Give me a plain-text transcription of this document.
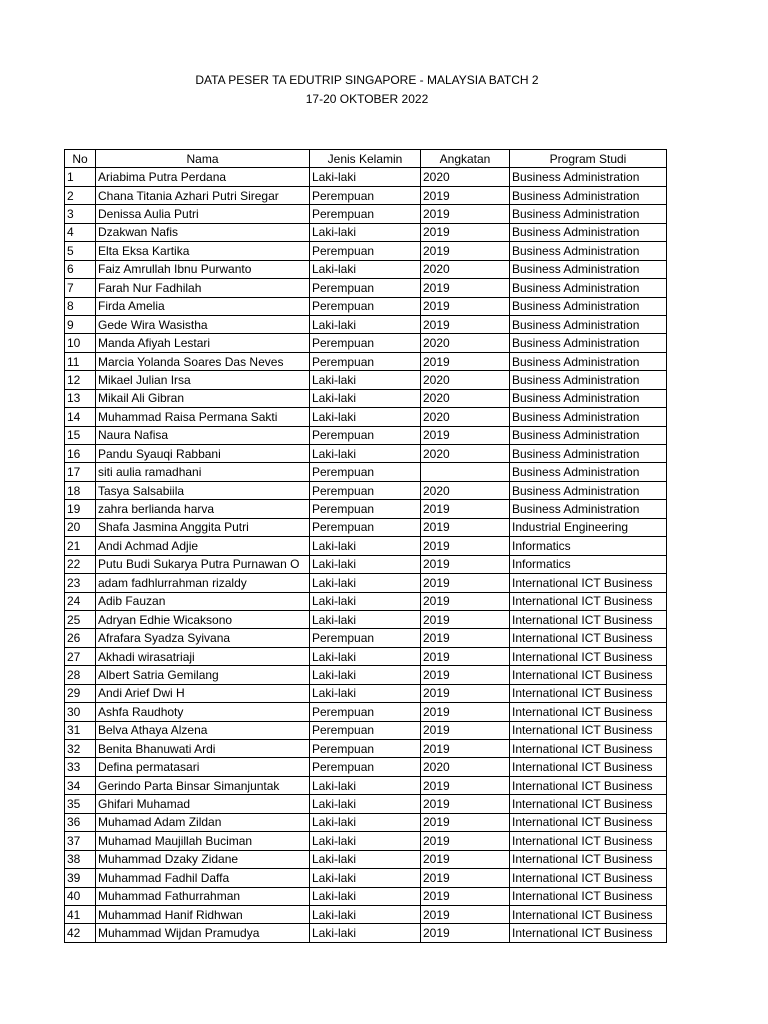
DATA PESER TA EDUTRIP SINGAPORE - MALAYSIA BATCH 2
17-20 OKTOBER 2022
No	Nama	Jenis Kelamin	Angkatan	Program Studi
1	Ariabima Putra Perdana	Laki-laki	2020	Business Administration
2	Chana Titania Azhari Putri Siregar	Perempuan	2019	Business Administration
3	Denissa Aulia Putri	Perempuan	2019	Business Administration
4	Dzakwan Nafis	Laki-laki	2019	Business Administration
5	Elta Eksa Kartika	Perempuan	2019	Business Administration
6	Faiz Amrullah Ibnu Purwanto	Laki-laki	2020	Business Administration
7	Farah Nur Fadhilah	Perempuan	2019	Business Administration
8	Firda Amelia	Perempuan	2019	Business Administration
9	Gede Wira Wasistha	Laki-laki	2019	Business Administration
10	Manda Afiyah Lestari	Perempuan	2020	Business Administration
11	Marcia Yolanda Soares Das Neves	Perempuan	2019	Business Administration
12	Mikael Julian Irsa	Laki-laki	2020	Business Administration
13	Mikail Ali Gibran	Laki-laki	2020	Business Administration
14	Muhammad Raisa Permana Sakti	Laki-laki	2020	Business Administration
15	Naura Nafisa	Perempuan	2019	Business Administration
16	Pandu Syauqi Rabbani	Laki-laki	2020	Business Administration
17	siti aulia ramadhani	Perempuan		Business Administration
18	Tasya Salsabiila	Perempuan	2020	Business Administration
19	zahra berlianda harva	Perempuan	2019	Business Administration
20	Shafa Jasmina Anggita Putri	Perempuan	2019	Industrial Engineering
21	Andi Achmad Adjie	Laki-laki	2019	Informatics
22	Putu Budi Sukarya Putra Purnawan O	Laki-laki	2019	Informatics
23	adam fadhlurrahman rizaldy	Laki-laki	2019	International ICT Business
24	Adib Fauzan	Laki-laki	2019	International ICT Business
25	Adryan Edhie Wicaksono	Laki-laki	2019	International ICT Business
26	Afrafara Syadza Syivana	Perempuan	2019	International ICT Business
27	Akhadi wirasatriaji	Laki-laki	2019	International ICT Business
28	Albert Satria Gemilang	Laki-laki	2019	International ICT Business
29	Andi Arief Dwi H	Laki-laki	2019	International ICT Business
30	Ashfa Raudhoty	Perempuan	2019	International ICT Business
31	Belva Athaya Alzena	Perempuan	2019	International ICT Business
32	Benita Bhanuwati Ardi	Perempuan	2019	International ICT Business
33	Defina permatasari	Perempuan	2020	International ICT Business
34	Gerindo Parta Binsar Simanjuntak	Laki-laki	2019	International ICT Business
35	Ghifari Muhamad	Laki-laki	2019	International ICT Business
36	Muhamad Adam Zildan	Laki-laki	2019	International ICT Business
37	Muhamad Maujillah Buciman	Laki-laki	2019	International ICT Business
38	Muhammad Dzaky Zidane	Laki-laki	2019	International ICT Business
39	Muhammad Fadhil Daffa	Laki-laki	2019	International ICT Business
40	Muhammad Fathurrahman	Laki-laki	2019	International ICT Business
41	Muhammad Hanif Ridhwan	Laki-laki	2019	International ICT Business
42	Muhammad Wijdan Pramudya	Laki-laki	2019	International ICT Business
